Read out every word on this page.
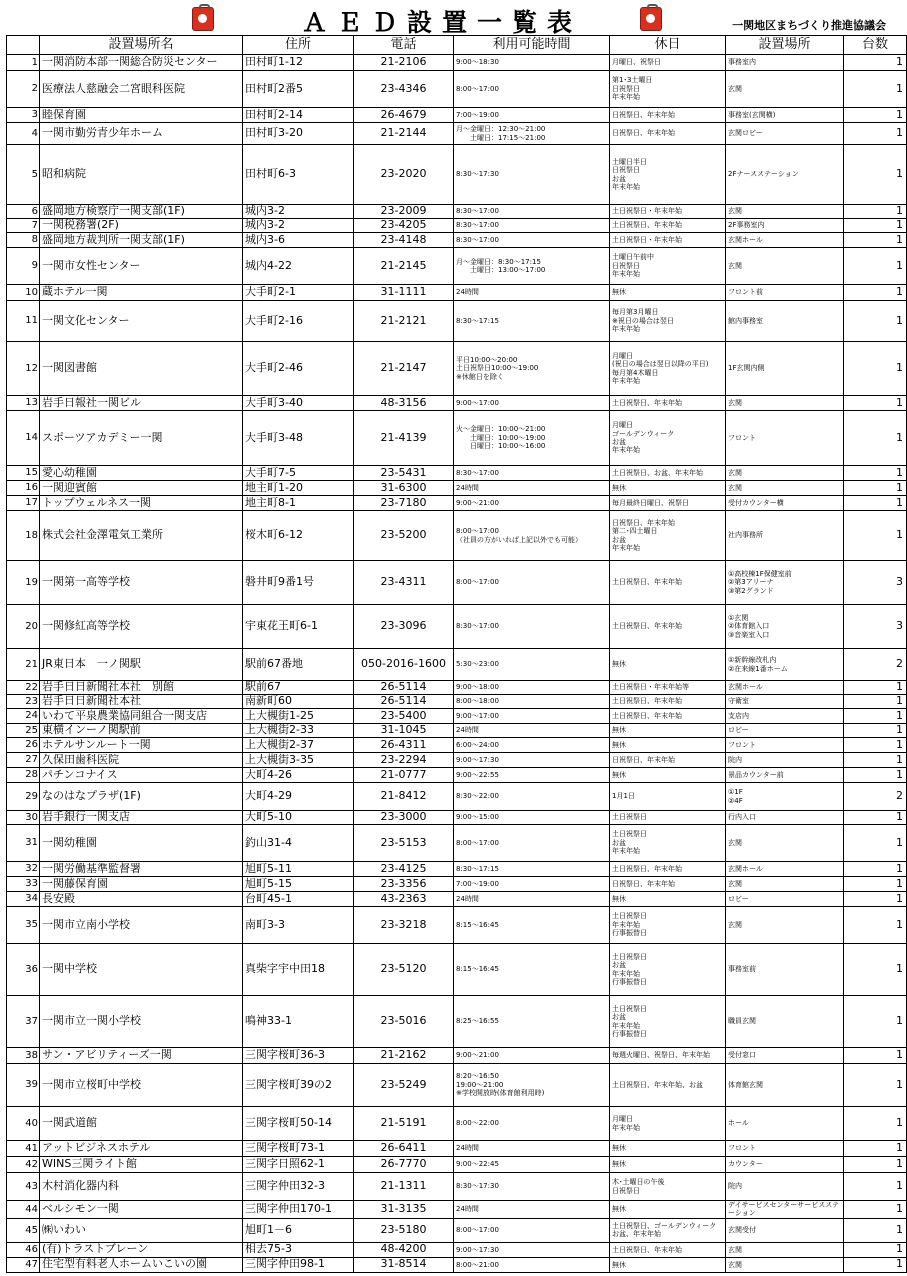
ＡＥＤ設置一覧表	一関地区まちづくり推進協議会
	設置場所名	住所	電話	利用可能時間	休日	設置場所	台数
1	一関消防本部一関総合防災センター	田村町1-12	21-2106	9:00～18:30	月曜日、祝祭日	事務室内	1
2	医療法人慈融会二宮眼科医院	田村町2番5	23-4346	8:00～17:00	第1･3土曜日
日祝祭日
年末年始	玄関	1
3	睦保育園	田村町2-14	26-4679	7:00～19:00	日祝祭日、年末年始	事務室(玄関横)	1
4	一関市勤労青少年ホーム	田村町3-20	21-2144	月～金曜日：12:30～21:00
　　土曜日：17:15～21:00	日祝祭日、年末年始	玄関ロビー	1
5	昭和病院	田村町6-3	23-2020	8:30～17:30	土曜日半日
日祝祭日
お盆
年末年始	2Fナースステーション	1
6	盛岡地方検察庁一関支部(1F)	城内3-2	23-2009	8:30～17:00	土日祝祭日・年末年始	玄関	1
7	一関税務署(2F)	城内3-2	23-4205	8:30～17:00	土日祝祭日、年末年始	2F事務室内	1
8	盛岡地方裁判所一関支部(1F)	城内3-6	23-4148	8:30～17:00	土日祝祭日・年末年始	玄関ホール	1
9	一関市女性センター	城内4-22	21-2145	月～金曜日：8:30～17:15
　　土曜日：13:00～17:00	土曜日午前中
日祝祭日
年末年始	玄関	1
10	蔵ホテル一関	大手町2-1	31-1111	24時間	無休	フロント前	1
11	一関文化センター	大手町2-16	21-2121	8:30～17:15	毎月第3月曜日
※祝日の場合は翌日
年末年始	館内事務室	1
12	一関図書館	大手町2-46	21-2147	平日10:00～20:00
土日祝祭日10:00～19:00
※休館日を除く	月曜日
(祝日の場合は翌日以降の平日)
毎月第4木曜日
年末年始	1F玄関内側	1
13	岩手日報社一関ビル	大手町3-40	48-3156	9:00～17:00	土日祝祭日、年末年始	玄関	1
14	スポーツアカデミー一関	大手町3-48	21-4139	火～金曜日：10:00～21:00
　　土曜日：10:00～19:00
　　日曜日：10:00～16:00	月曜日
ゴールデンウィーク
お盆
年末年始	フロント	1
15	愛心幼稚園	大手町7-5	23-5431	8:30～17:00	土日祝祭日、お盆、年末年始	玄関	1
16	一関迎賓館	地主町1-20	31-6300	24時間	無休	玄関	1
17	トップウェルネス一関	地主町8-1	23-7180	9:00～21:00	毎月最終日曜日、祝祭日	受付カウンター横	1
18	株式会社金澤電気工業所	桜木町6-12	23-5200	8:00～17:00
（社員の方がいれば上記以外でも可能）	日祝祭日、年末年始
第二･四土曜日
お盆
年末年始	社内事務所	1
19	一関第一高等学校	磐井町9番1号	23-4311	8:00～17:00	土日祝祭日、年末年始	①高校棟1F保健室前
②第3アリーナ
③第2グランド	3
20	一関修紅高等学校	宇東花王町6-1	23-3096	8:30～17:00	土日祝祭日、年末年始	①玄関
②体育館入口
③音楽室入口	3
21	JR東日本　一ノ関駅	駅前67番地	050-2016-1600	5:30～23:00	無休	①新幹線改札内
②在来線1番ホーム	2
22	岩手日日新聞社本社　別館	駅前67	26-5114	9:00～18:00	土日祝祭日・年末年始等	玄関ホール	1
23	岩手日日新聞社本社	南新町60	26-5114	8:00～18:00	土日祝祭日、年末年始	守衛室	1
24	いわて平泉農業協同組合一関支店	上大槻街1-25	23-5400	9:00～17:00	土日祝祭日、年末年始	支店内	1
25	東横インーノ関駅前	上大槻街2-33	31-1045	24時間	無休	ロビー	1
26	ホテルサンルート一関	上大槻街2-37	26-4311	6:00～24:00	無休	フロント	1
27	久保田歯科医院	上大槻街3-35	23-2294	9:00～17:30	日祝祭日、年末年始	院内	1
28	パチンコナイス	大町4-26	21-0777	9:00～22:55	無休	景品カウンター前	1
29	なのはなプラザ(1F)	大町4-29	21-8412	8:30～22:00	1月1日	①1F
②4F	2
30	岩手銀行一関支店	大町5-10	23-3000	9:00～15:00	土日祝祭日	行内入口	1
31	一関幼稚園	釣山31-4	23-5153	8:00～17:00	土日祝祭日
お盆
年末年始	玄関	1
32	一関労働基準監督署	旭町5-11	23-4125	8:30～17:15	土日祝祭日、年末年始	玄関ホール	1
33	一関藤保育園	旭町5-15	23-3356	7:00～19:00	日祝祭日、年末年始	玄関	1
34	長安殿	台町45-1	43-2363	24時間	無休	ロビー	1
35	一関市立南小学校	南町3-3	23-3218	8:15～16:45	土日祝祭日
年末年始
行事振替日	玄関	1
36	一関中学校	真柴字宇中田18	23-5120	8:15～16:45	土日祝祭日
お盆
年末年始
行事振替日	事務室前	1
37	一関市立一関小学校	鳴神33-1	23-5016	8:25～16:55	土日祝祭日
お盆
年末年始
行事振替日	職員玄関	1
38	サン・アビリティーズ一関	三関字桜町36-3	21-2162	9:00～21:00	毎週火曜日、祝祭日、年末年始	受付窓口	1
39	一関市立桜町中学校	三関字桜町39の2	23-5249	8:20～16:50
19:00～21:00
※学校開放時(体育館利用時)	土日祝祭日、年末年始、お盆	体育館玄関	1
40	一関武道館	三関字桜町50-14	21-5191	8:00～22:00	月曜日
年末年始	ホール	1
41	アットビジネスホテル	三関字桜町73-1	26-6411	24時間	無休	フロント	1
42	WINS三関ライト館	三関字日照62-1	26-7770	9:00～22:45	無休	カウンター	1
43	木村消化器内科	三関字仲田32-3	21-1311	8:30～17:30	木･土曜日の午後
日祝祭日	院内	1
44	ベルシモン一関	三関字仲田170-1	31-3135	24時間	無休	デイサービスセンターサービスステーション	1
45	㈱いわい	旭町1－6	23-5180	8:00～17:00	土日祝祭日、ゴールデンウィーク
お盆、年末年始	玄関受付	1
46	(有)トラストブレーン	相去75-3	48-4200	9:00～17:30	土日祝祭日、年末年始	玄関	1
47	住宅型有料老人ホームいこいの園	三関字仲田98-1	31-8514	8:00～21:00	無休	玄関	1
